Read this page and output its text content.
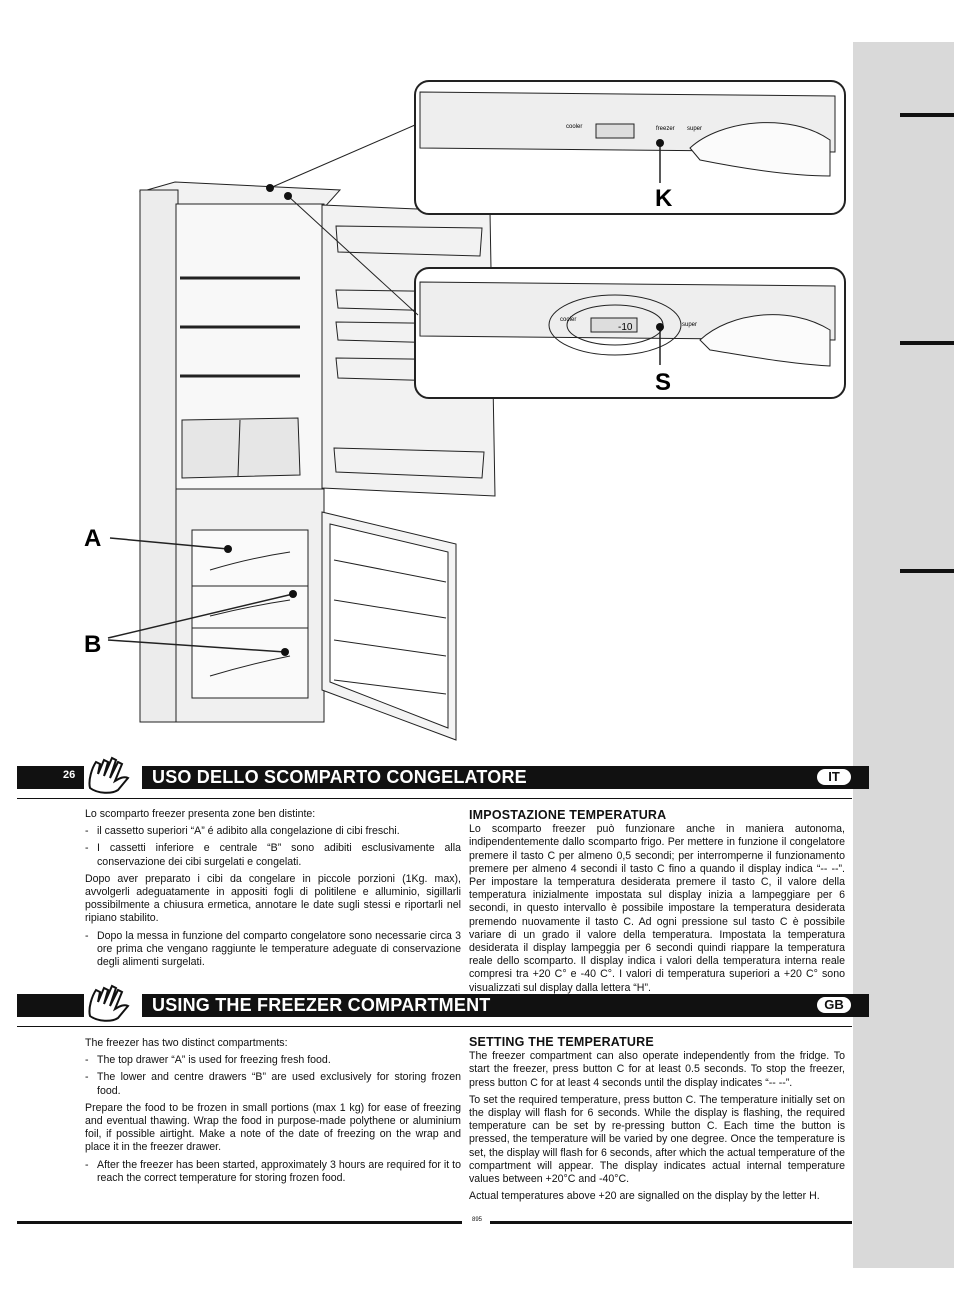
A
B
K
S
cooler	freezer super
cooler
-10	super
USO DELLO SCOMPARTO CONGELATORE	IT
26

Lo scomparto freezer presenta zone ben distinte:

- il cassetto superiori “A” é adibito alla congelazione di cibi freschi.
- I cassetti inferiore e centrale “B” sono adibiti esclusivamente alla conservazione dei cibi surgelati e congelati.

Dopo aver preparato i cibi da congelare in piccole porzioni (1Kg. max), avvolgerli adeguatamente in appositi fogli di politilene e alluminio, sigillarli possibilmente a chiusura ermetica, annotare le date sugli stessi e riportarli nel ripiano stabilito.

- Dopo la messa in funzione del comparto congelatore sono necessarie circa 3 ore prima che vengano raggiunte le temperature adeguate di conservazione degli alimenti surgelati.
IMPOSTAZIONE TEMPERATURA

Lo scomparto freezer può funzionare anche in maniera autonoma, indipendentemente dallo scomparto frigo. Per mettere in funzione il congelatore premere il tasto C per almeno 0,5 secondi; per interromperne il funzionamento premere per almeno 4 secondi il tasto C fino a quando il display indica “-- --”. Per impostare la temperatura desiderata premere il tasto C, il valore della temperatura inizialmente impostata sul display inizia a lampeggiare per 6 secondi, in questo intervallo è possibile impostare la temperatura desiderata premendo nuovamente il tasto C. Ad ogni pressione sul tasto C è possibile variare di un grado il valore della temperatura. Impostata la temperatura desiderata il display lampeggia per 6 secondi quindi riappare la temperatura reale dello scomparto. Il display indica i valori della temperatura interna reale compresi tra +20 C° e -40 C°. I valori di temperatura superiori a +20 C° sono visualizzati sul display dalla lettera “H”.

USING THE FREEZER COMPARTMENT	GB

The freezer has two distinct compartments:

- The top drawer “A” is used for freezing fresh food.
- The lower and centre drawers “B” are used exclusively for storing frozen food.

Prepare the food to be frozen in small portions (max 1 kg) for ease of freezing and eventual thawing. Wrap the food in purpose-made polythene or aluminium foil, if possible airtight. Make a note of the date of freezing on the wrap and place it in the freezer drawer.

- After the freezer has been started, approximately 3 hours are required for it to reach the correct temperature for storing frozen food.
SETTING THE TEMPERATURE

The freezer compartment can also operate independently from the fridge. To start the freezer, press button C for at least 0.5 seconds. To stop the freezer, press button C for at least 4 seconds until the display indicates “-- --”.

To set the required temperature, press button C. The temperature initially set on the display will flash for 6 seconds. While the display is flashing, the required temperature can be set by re-pressing button C. Each time the button is pressed, the temperature will be varied by one degree. Once the temperature is set, the display will flash for 6 seconds, after which the actual temperature of the compartment will appear. The display indicates actual internal temperature values between +20°C and -40°C.

Actual temperatures above +20 are signalled on the display by the letter H.

895
